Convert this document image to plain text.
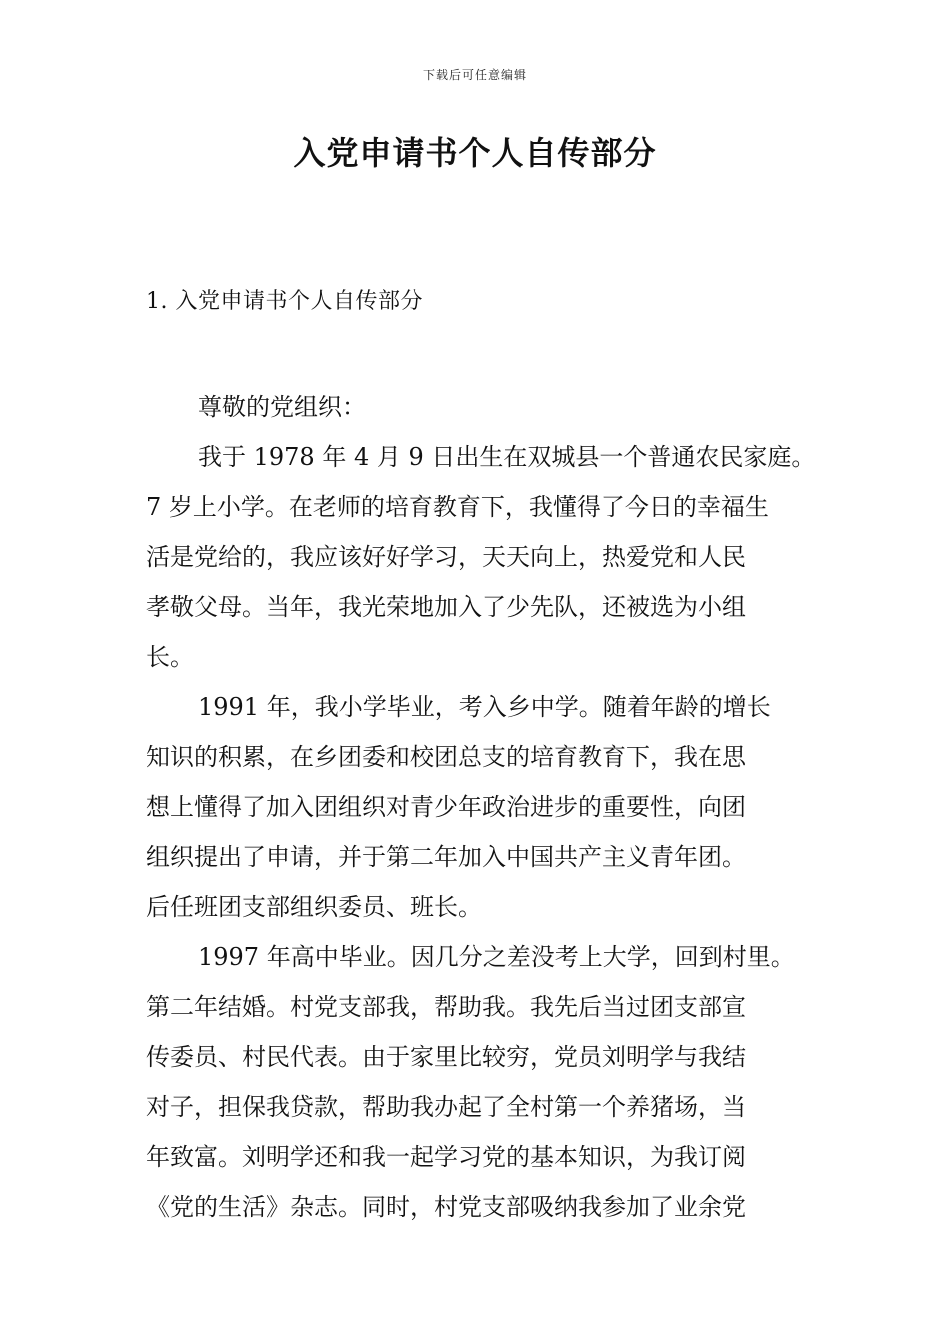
下载后可任意编辑
入党申请书个人自传部分
1. 入党申请书个人自传部分
尊敬的党组织：
我于 1978 年 4 月 9 日出生在双城县一个普通农民家庭。
7 岁上小学。在老师的培育教育下，我懂得了今日的幸福生
活是党给的，我应该好好学习，天天向上，热爱党和人民
孝敬父母。当年，我光荣地加入了少先队，还被选为小组
长。
1991 年，我小学毕业，考入乡中学。随着年龄的增长
知识的积累，在乡团委和校团总支的培育教育下，我在思
想上懂得了加入团组织对青少年政治进步的重要性，向团
组织提出了申请，并于第二年加入中国共产主义青年团。
后任班团支部组织委员、班长。
1997 年高中毕业。因几分之差没考上大学，回到村里。
第二年结婚。村党支部我，帮助我。我先后当过团支部宣
传委员、村民代表。由于家里比较穷，党员刘明学与我结
对子，担保我贷款，帮助我办起了全村第一个养猪场，当
年致富。刘明学还和我一起学习党的基本知识，为我订阅
《党的生活》杂志。同时，村党支部吸纳我参加了业余党
